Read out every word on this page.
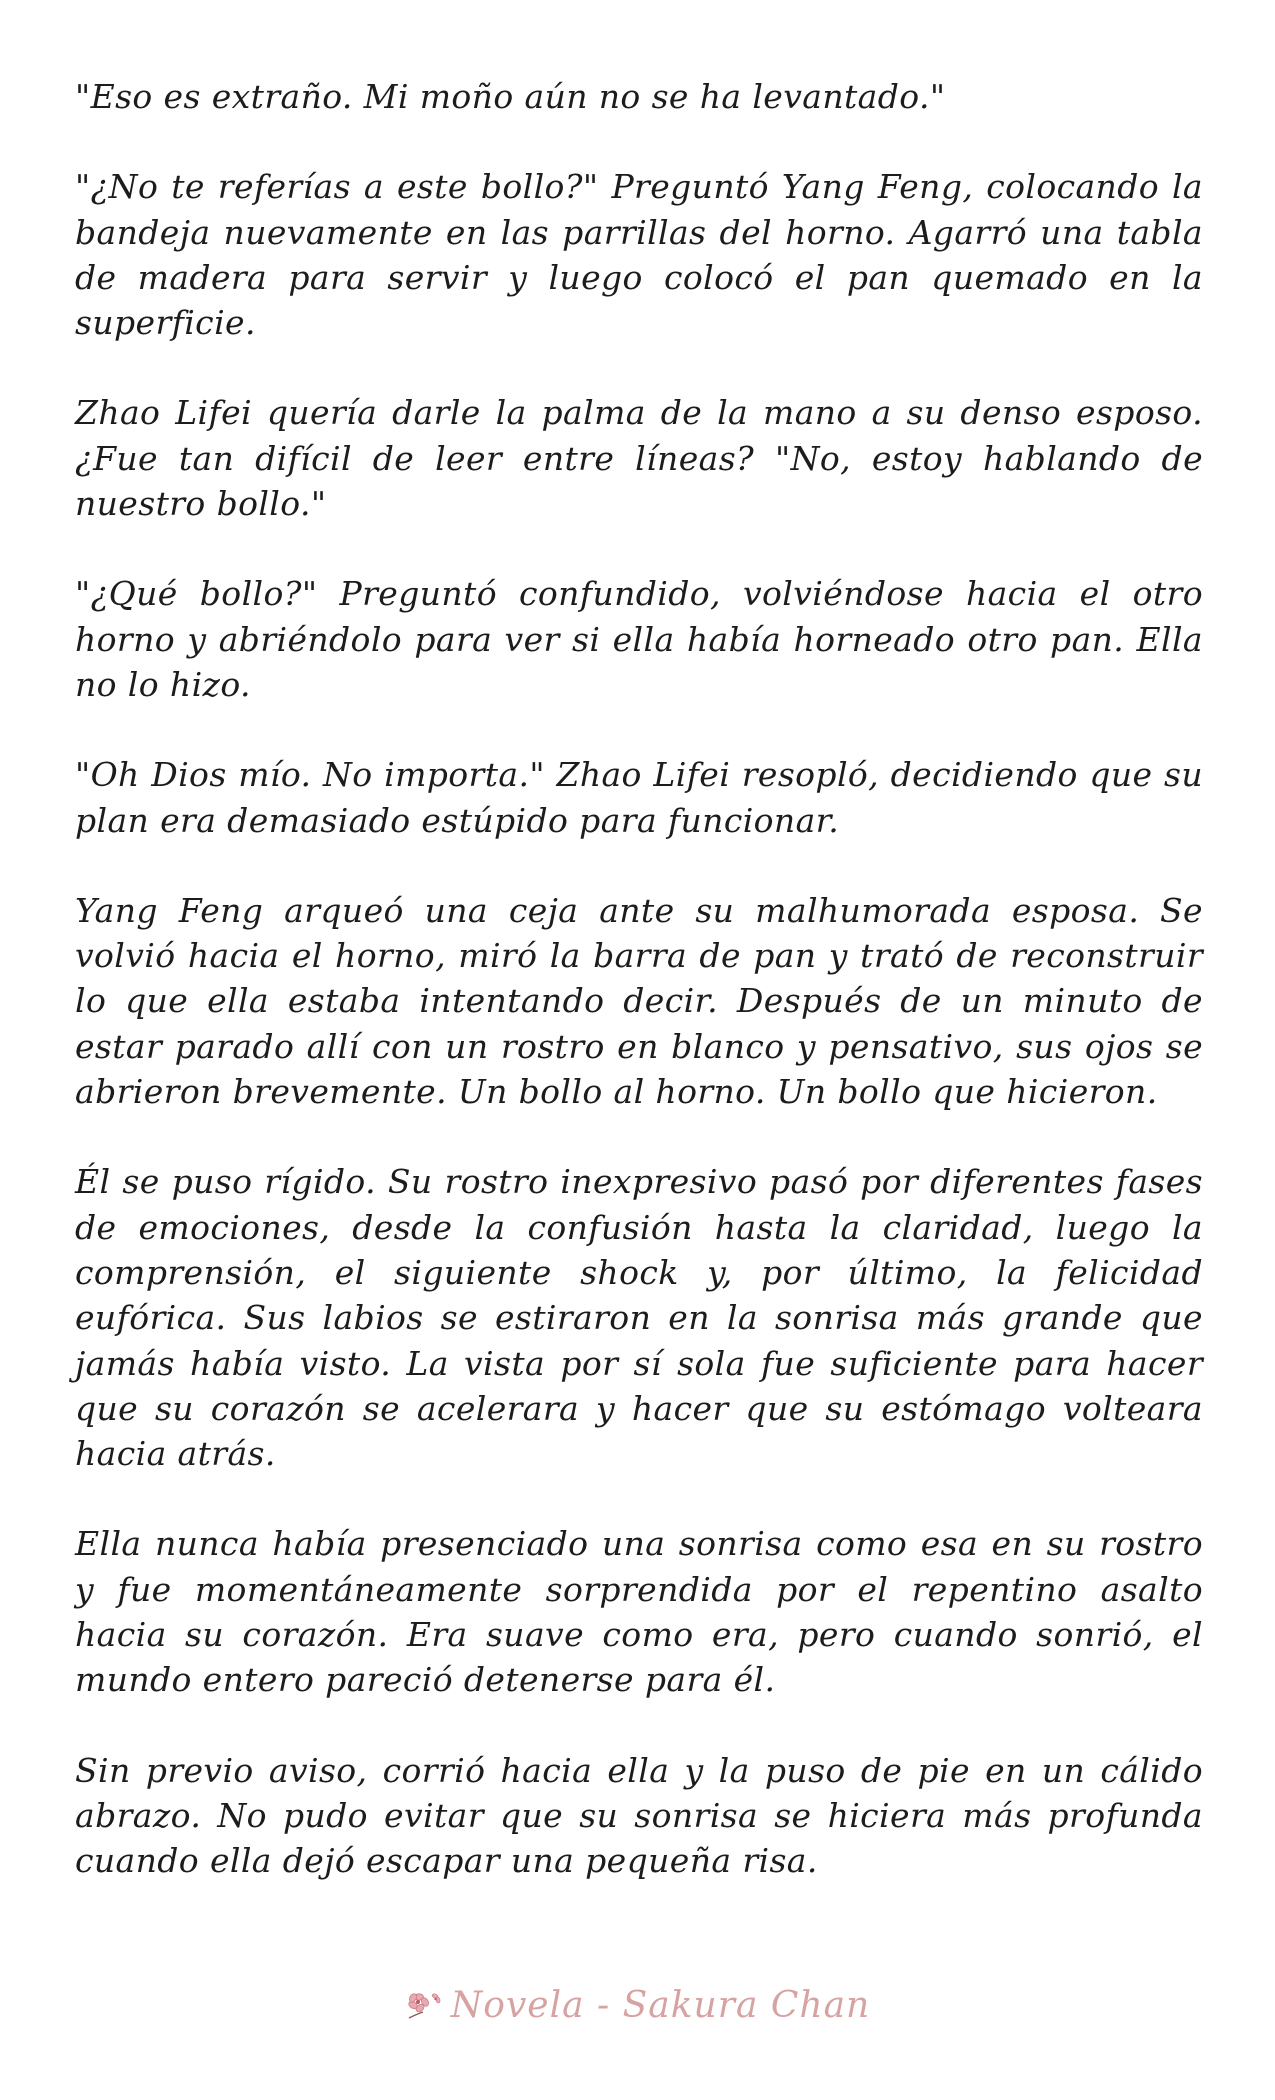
"Eso es extraño. Mi moño aún no se ha levantado."

"¿No te referías a este bollo?" Preguntó Yang Feng, colocando la bandeja nuevamente en las parrillas del horno. Agarró una tabla de madera para servir y luego colocó el pan quemado en la superficie.

Zhao Lifei quería darle la palma de la mano a su denso esposo. ¿Fue tan difícil de leer entre líneas? "No, estoy hablando de nuestro bollo."

"¿Qué bollo?" Preguntó confundido, volviéndose hacia el otro horno y abriéndolo para ver si ella había horneado otro pan. Ella no lo hizo.

"Oh Dios mío. No importa." Zhao Lifei resopló, decidiendo que su plan era demasiado estúpido para funcionar.

Yang Feng arqueó una ceja ante su malhumorada esposa. Se volvió hacia el horno, miró la barra de pan y trató de reconstruir lo que ella estaba intentando decir. Después de un minuto de estar parado allí con un rostro en blanco y pensativo, sus ojos se abrieron brevemente. Un bollo al horno. Un bollo que hicieron.

Él se puso rígido. Su rostro inexpresivo pasó por diferentes fases de emociones, desde la confusión hasta la claridad, luego la comprensión, el siguiente shock y, por último, la felicidad eufórica. Sus labios se estiraron en la sonrisa más grande que jamás había visto. La vista por sí sola fue suficiente para hacer que su corazón se acelerara y hacer que su estómago volteara hacia atrás.

Ella nunca había presenciado una sonrisa como esa en su rostro y fue momentáneamente sorprendida por el repentino asalto hacia su corazón. Era suave como era, pero cuando sonrió, el mundo entero pareció detenerse para él.

Sin previo aviso, corrió hacia ella y la puso de pie en un cálido abrazo. No pudo evitar que su sonrisa se hiciera más profunda cuando ella dejó escapar una pequeña risa.

Novela - Sakura Chan
